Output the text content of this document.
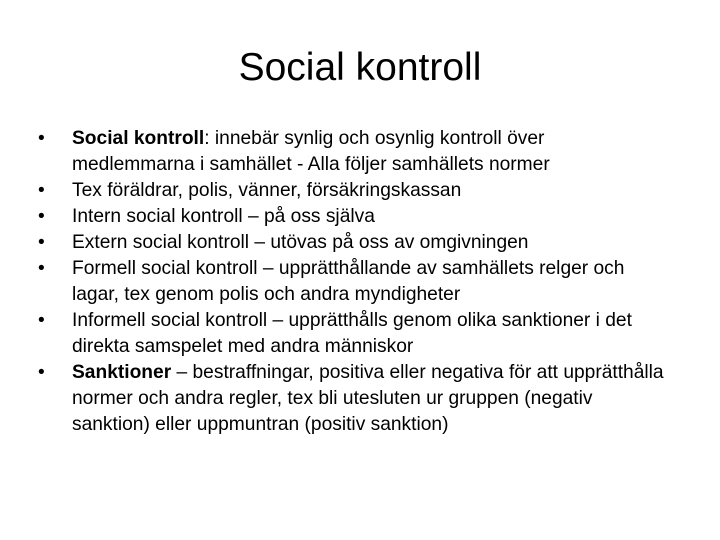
Social kontroll
•	Social kontroll: innebär synlig och osynlig kontroll över medlemmarna i samhället - Alla följer samhällets normer
•	Tex föräldrar, polis, vänner, försäkringskassan
•	Intern social kontroll – på oss själva
•	Extern social kontroll – utövas på oss av omgivningen
•	Formell social kontroll – upprätthållande av samhällets relger och lagar, tex genom polis och andra myndigheter
•	Informell social kontroll – upprätthålls genom olika sanktioner i det direkta samspelet med andra människor
•	Sanktioner – bestraffningar, positiva eller negativa för att upprätthålla normer och andra regler, tex bli utesluten ur gruppen (negativ sanktion) eller uppmuntran (positiv sanktion)
